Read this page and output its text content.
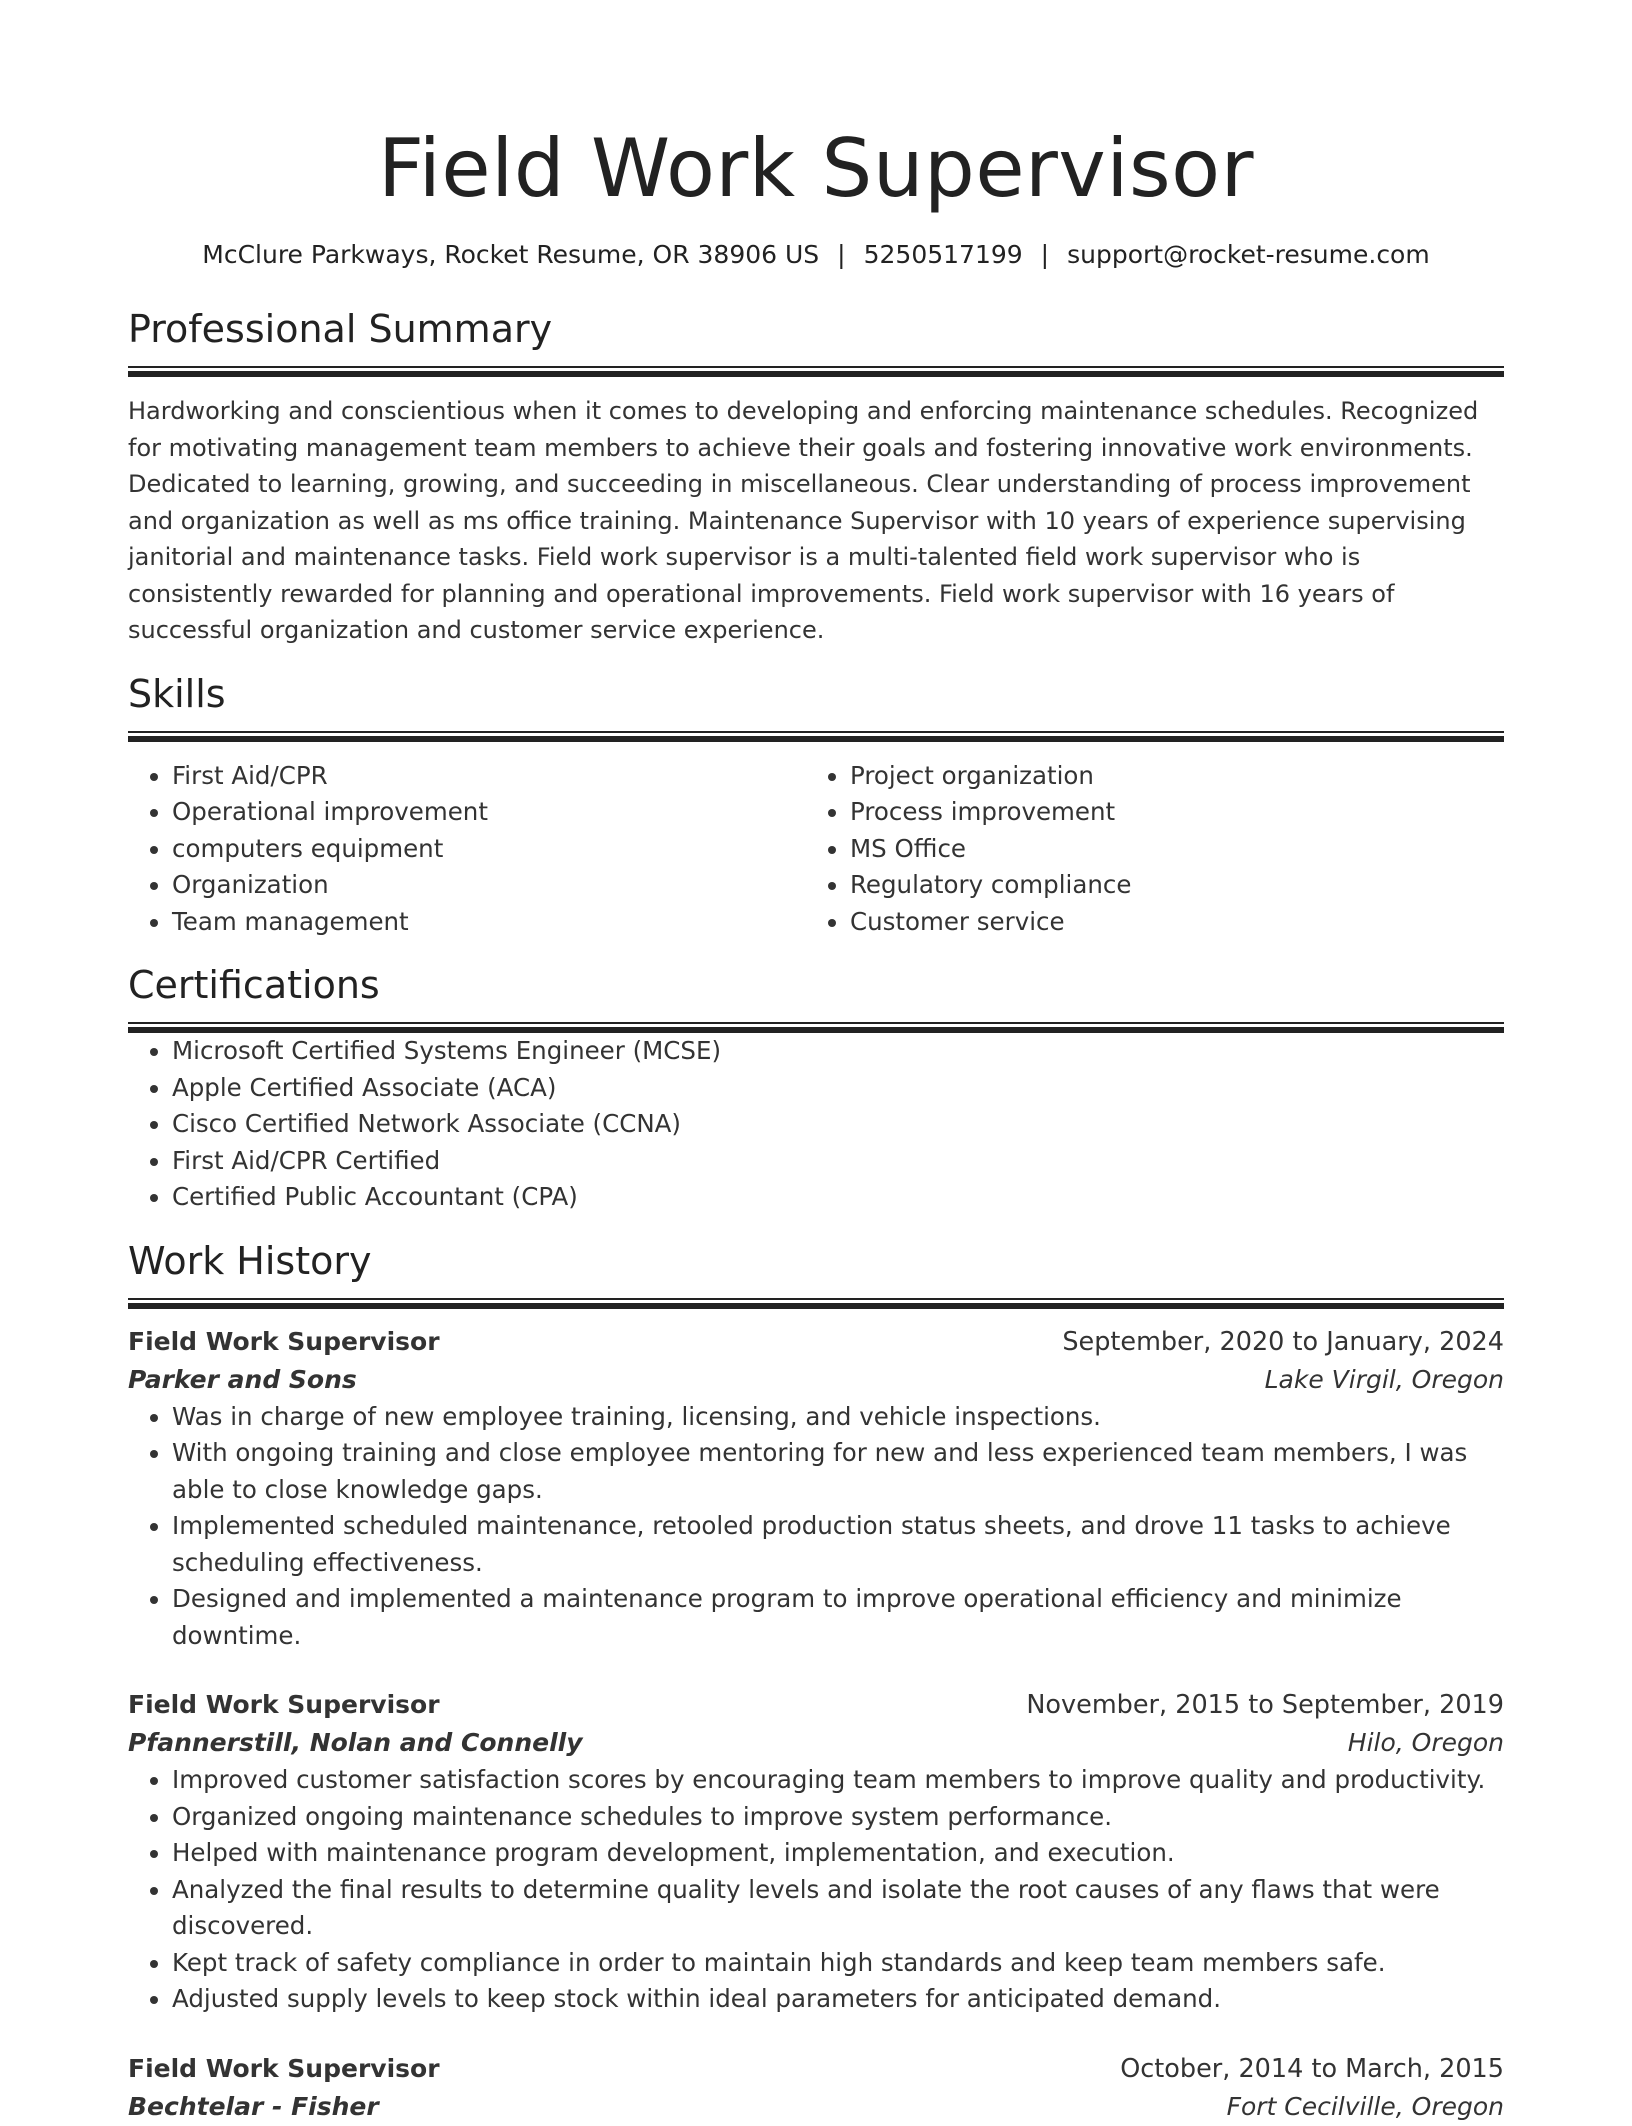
Field Work Supervisor
McClure Parkways, Rocket Resume, OR 38906 US | 5250517199 | support@rocket-resume.com
Professional Summary
Hardworking and conscientious when it comes to developing and enforcing maintenance schedules. Recognized for motivating management team members to achieve their goals and fostering innovative work environments. Dedicated to learning, growing, and succeeding in miscellaneous. Clear understanding of process improvement and organization as well as ms office training. Maintenance Supervisor with 10 years of experience supervising janitorial and maintenance tasks. Field work supervisor is a multi-talented field work supervisor who is consistently rewarded for planning and operational improvements. Field work supervisor with 16 years of successful organization and customer service experience.
Skills
• First Aid/CPR
• Operational improvement
• computers equipment
• Organization
• Team management
• Project organization
• Process improvement
• MS Office
• Regulatory compliance
• Customer service
Certifications
• Microsoft Certified Systems Engineer (MCSE)
• Apple Certified Associate (ACA)
• Cisco Certified Network Associate (CCNA)
• First Aid/CPR Certified
• Certified Public Accountant (CPA)
Work History
Field Work Supervisor	September, 2020 to January, 2024
Parker and Sons	Lake Virgil, Oregon
• Was in charge of new employee training, licensing, and vehicle inspections.
• With ongoing training and close employee mentoring for new and less experienced team members, I was able to close knowledge gaps.
• Implemented scheduled maintenance, retooled production status sheets, and drove 11 tasks to achieve scheduling effectiveness.
• Designed and implemented a maintenance program to improve operational efficiency and minimize downtime.
Field Work Supervisor	November, 2015 to September, 2019
Pfannerstill, Nolan and Connelly	Hilo, Oregon
• Improved customer satisfaction scores by encouraging team members to improve quality and productivity.
• Organized ongoing maintenance schedules to improve system performance.
• Helped with maintenance program development, implementation, and execution.
• Analyzed the final results to determine quality levels and isolate the root causes of any flaws that were discovered.
• Kept track of safety compliance in order to maintain high standards and keep team members safe.
• Adjusted supply levels to keep stock within ideal parameters for anticipated demand.
Field Work Supervisor	October, 2014 to March, 2015
Bechtelar - Fisher	Fort Cecilville, Oregon
